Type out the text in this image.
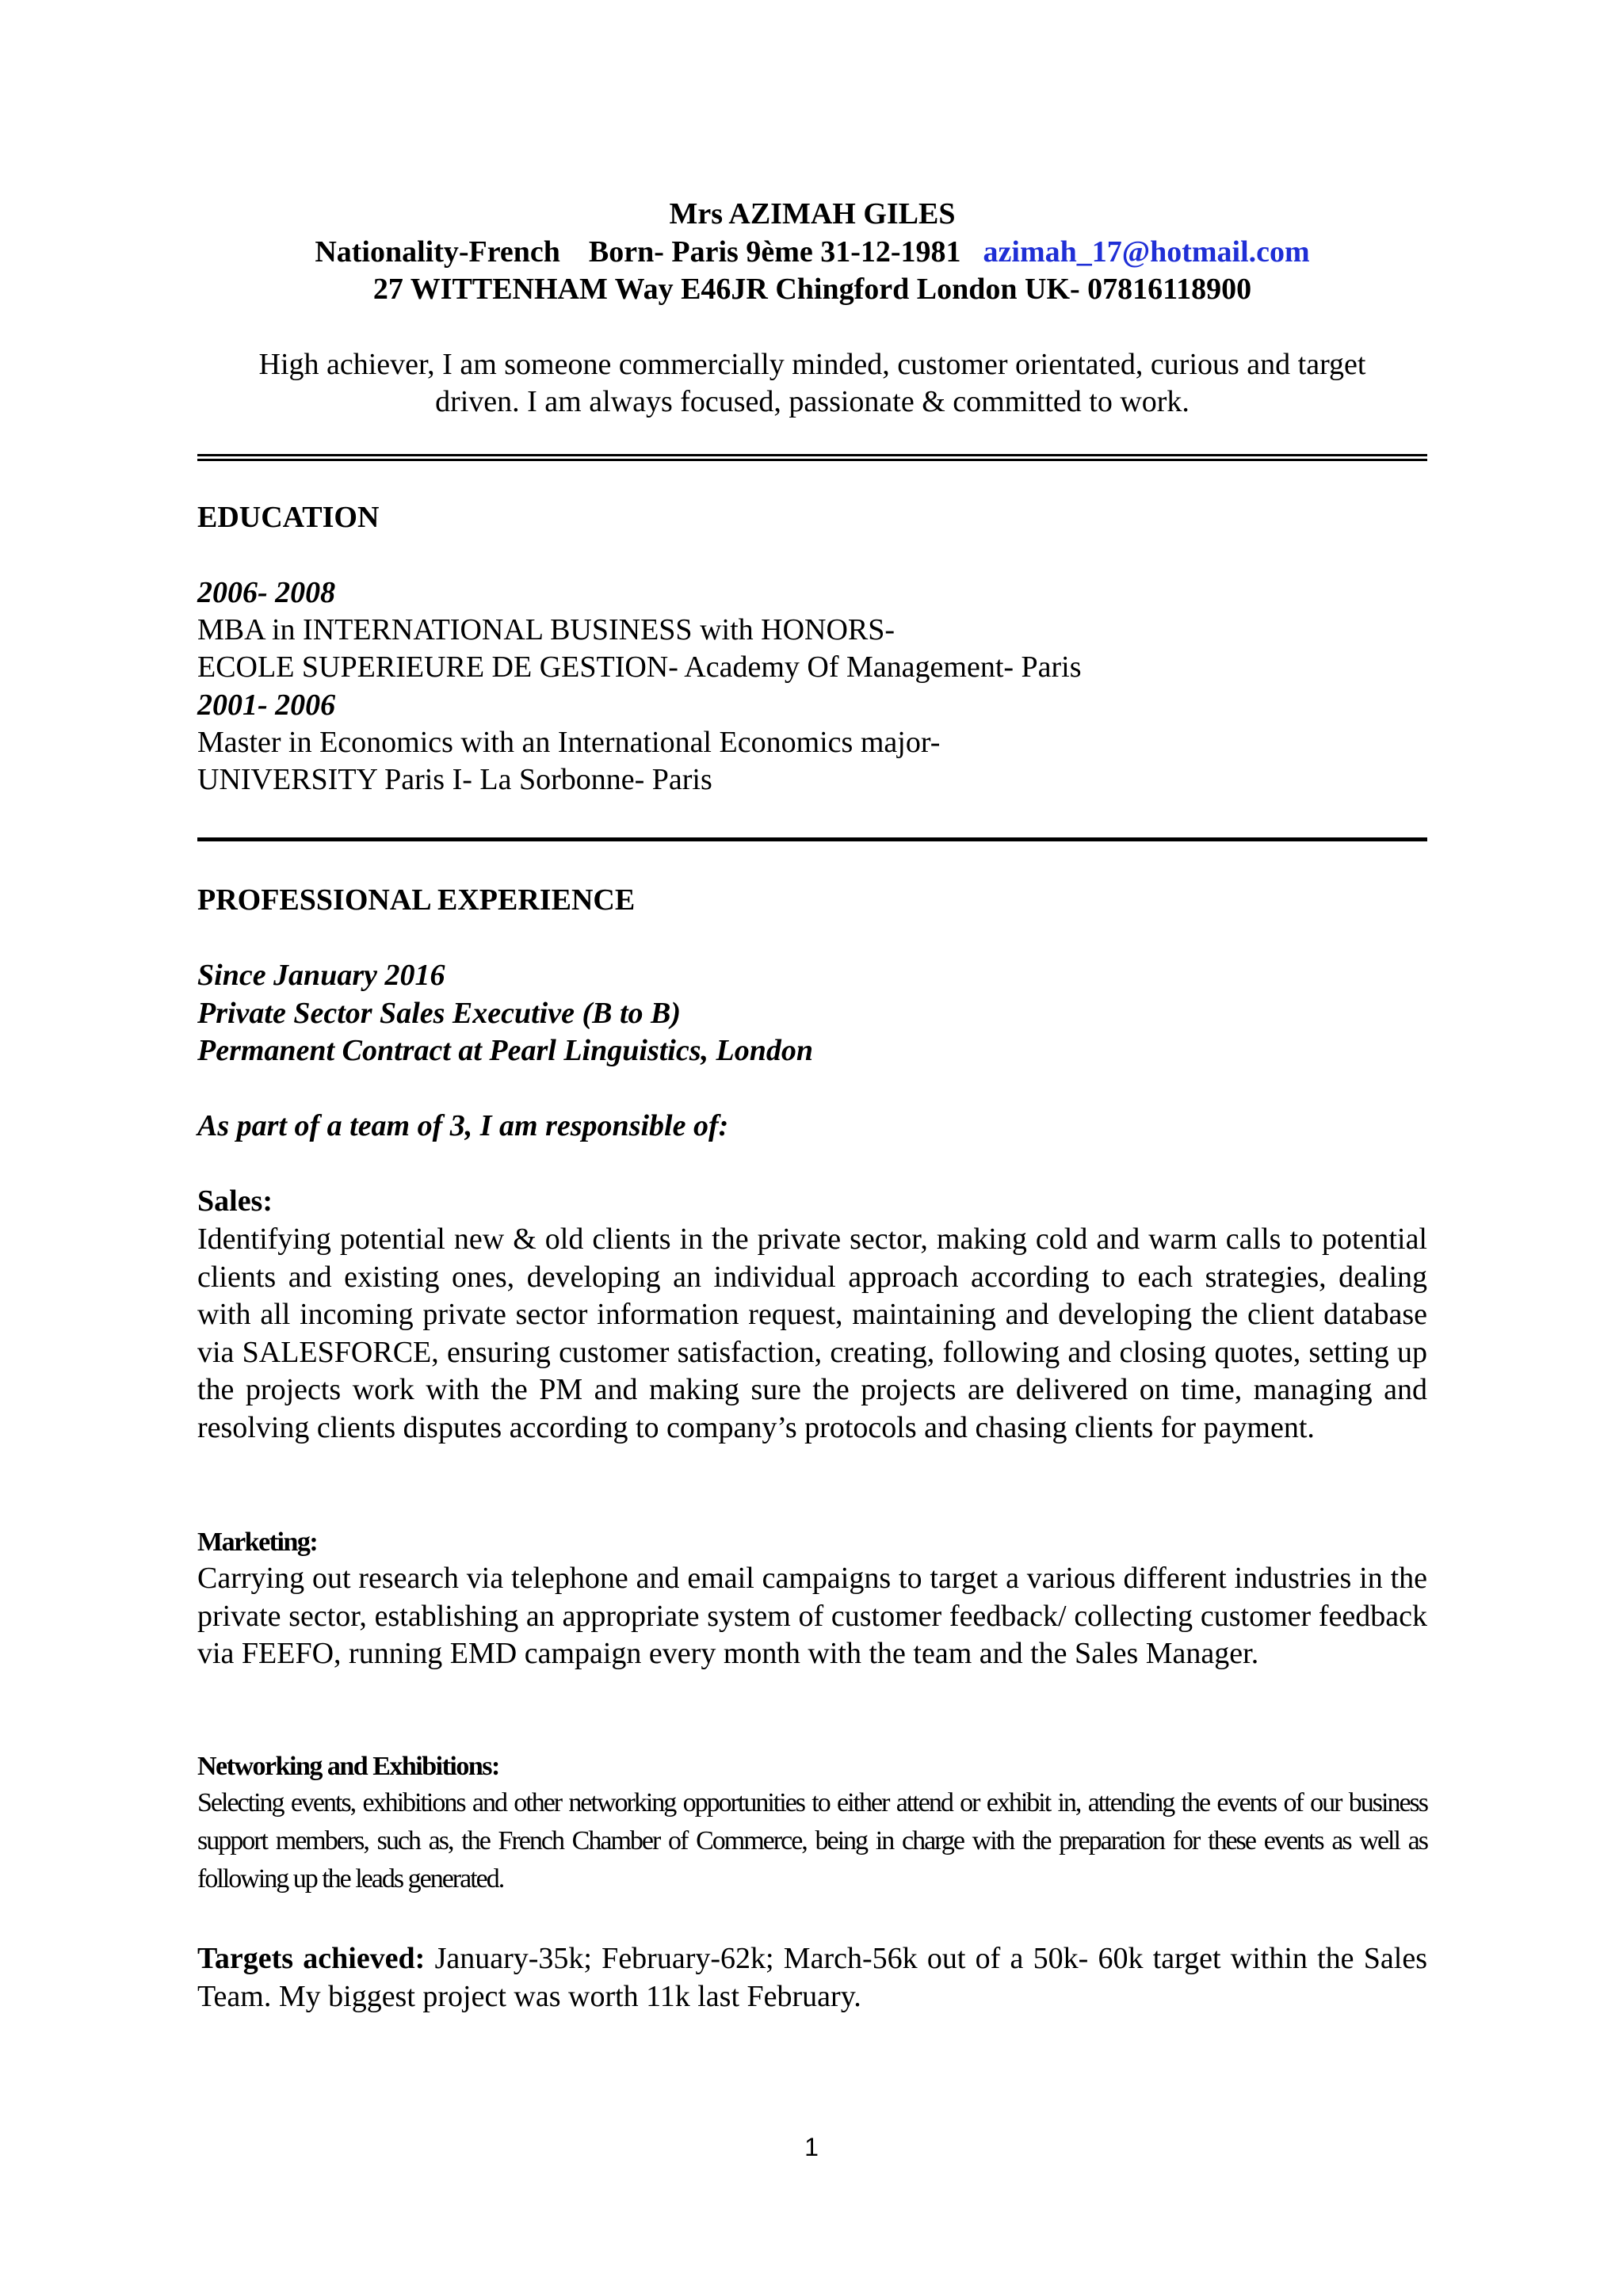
Mrs AZIMAH GILES
Nationality-French Born- Paris 9ème 31-12-1981 azimah_17@hotmail.com
27 WITTENHAM Way E46JR Chingford London UK- 07816118900
High achiever, I am someone commercially minded, customer orientated, curious and target
driven. I am always focused, passionate & committed to work.
EDUCATION
2006- 2008
MBA in INTERNATIONAL BUSINESS with HONORS-
ECOLE SUPERIEURE DE GESTION- Academy Of Management- Paris
2001- 2006
Master in Economics with an International Economics major-
UNIVERSITY Paris I- La Sorbonne- Paris
PROFESSIONAL EXPERIENCE
Since January 2016
Private Sector Sales Executive (B to B)
Permanent Contract at Pearl Linguistics, London
As part of a team of 3, I am responsible of:
Sales:
Identifying potential new & old clients in the private sector, making cold and warm calls to potential clients and existing ones, developing an individual approach according to each strategies, dealing with all incoming private sector information request, maintaining and developing the client database via SALESFORCE, ensuring customer satisfaction, creating, following and closing quotes, setting up the projects work with the PM and making sure the projects are delivered on time, managing and resolving clients disputes according to company’s protocols and chasing clients for payment.
Marketing:
Carrying out research via telephone and email campaigns to target a various different industries in the private sector, establishing an appropriate system of customer feedback/ collecting customer feedback via FEEFO, running EMD campaign every month with the team and the Sales Manager.
Networking and Exhibitions:
Selecting events, exhibitions and other networking opportunities to either attend or exhibit in, attending the events of our business support members, such as, the French Chamber of Commerce, being in charge with the preparation for these events as well as following up the leads generated.
Targets achieved: January-35k; February-62k; March-56k out of a 50k- 60k target within the Sales Team. My biggest project was worth 11k last February.
1
